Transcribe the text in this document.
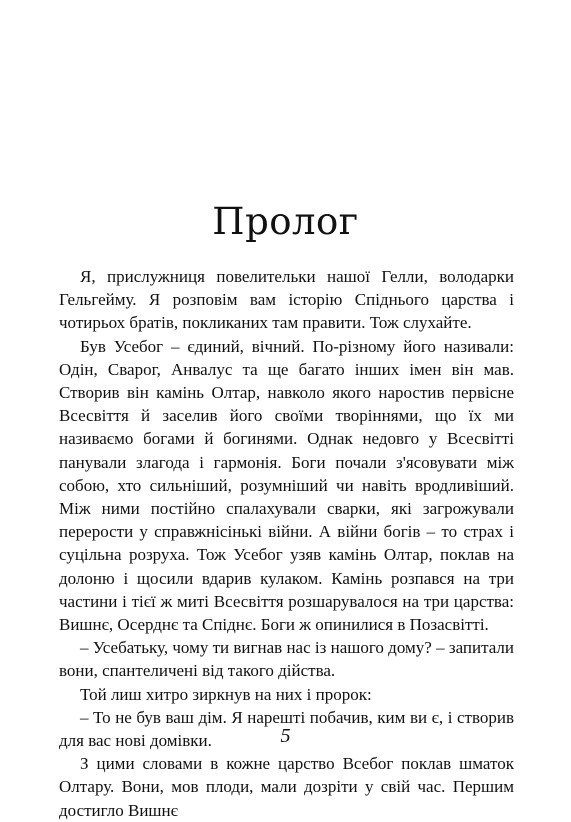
Пролог

Я, прислужниця повелительки нашої Гелли, володарки Гельгейму. Я розповім вам історію Спіднього царства і чотирьох братів, покликаних там правити. Тож слухайте.

Був Усебог – єдиний, вічний. По-різному його називали: Одін, Сварог, Анвалус та ще багато інших імен він мав. Створив він камінь Олтар, навколо якого наростив первісне Всесвіття й заселив його своїми творіннями, що їх ми називаємо богами й богинями. Однак недовго у Всесвітті панували злагода і гармонія. Боги почали з'ясовувати між собою, хто сильніший, розумніший чи навіть вродливіший. Між ними постійно спалахували сварки, які загрожували перерости у справжнісінькі війни. А війни богів – то страх і суцільна розруха. Тож Усебог узяв камінь Олтар, поклав на долоню і щосили вдарив кулаком. Камінь розпався на три частини і тієї ж миті Всесвіття розшарувалося на три царства: Вишнє, Осерднє та Спіднє. Боги ж опинилися в Позасвітті.

– Усебатьку, чому ти вигнав нас із нашого дому? – запитали вони, спантеличені від такого дійства.

Той лиш хитро зиркнув на них і пророк:

– То не був ваш дім. Я нарешті побачив, ким ви є, і створив для вас нові домівки.

З цими словами в кожне царство Всебог поклав шматок Олтару. Вони, мов плоди, мали дозріти у свій час. Першим достигло Вишнє

5
